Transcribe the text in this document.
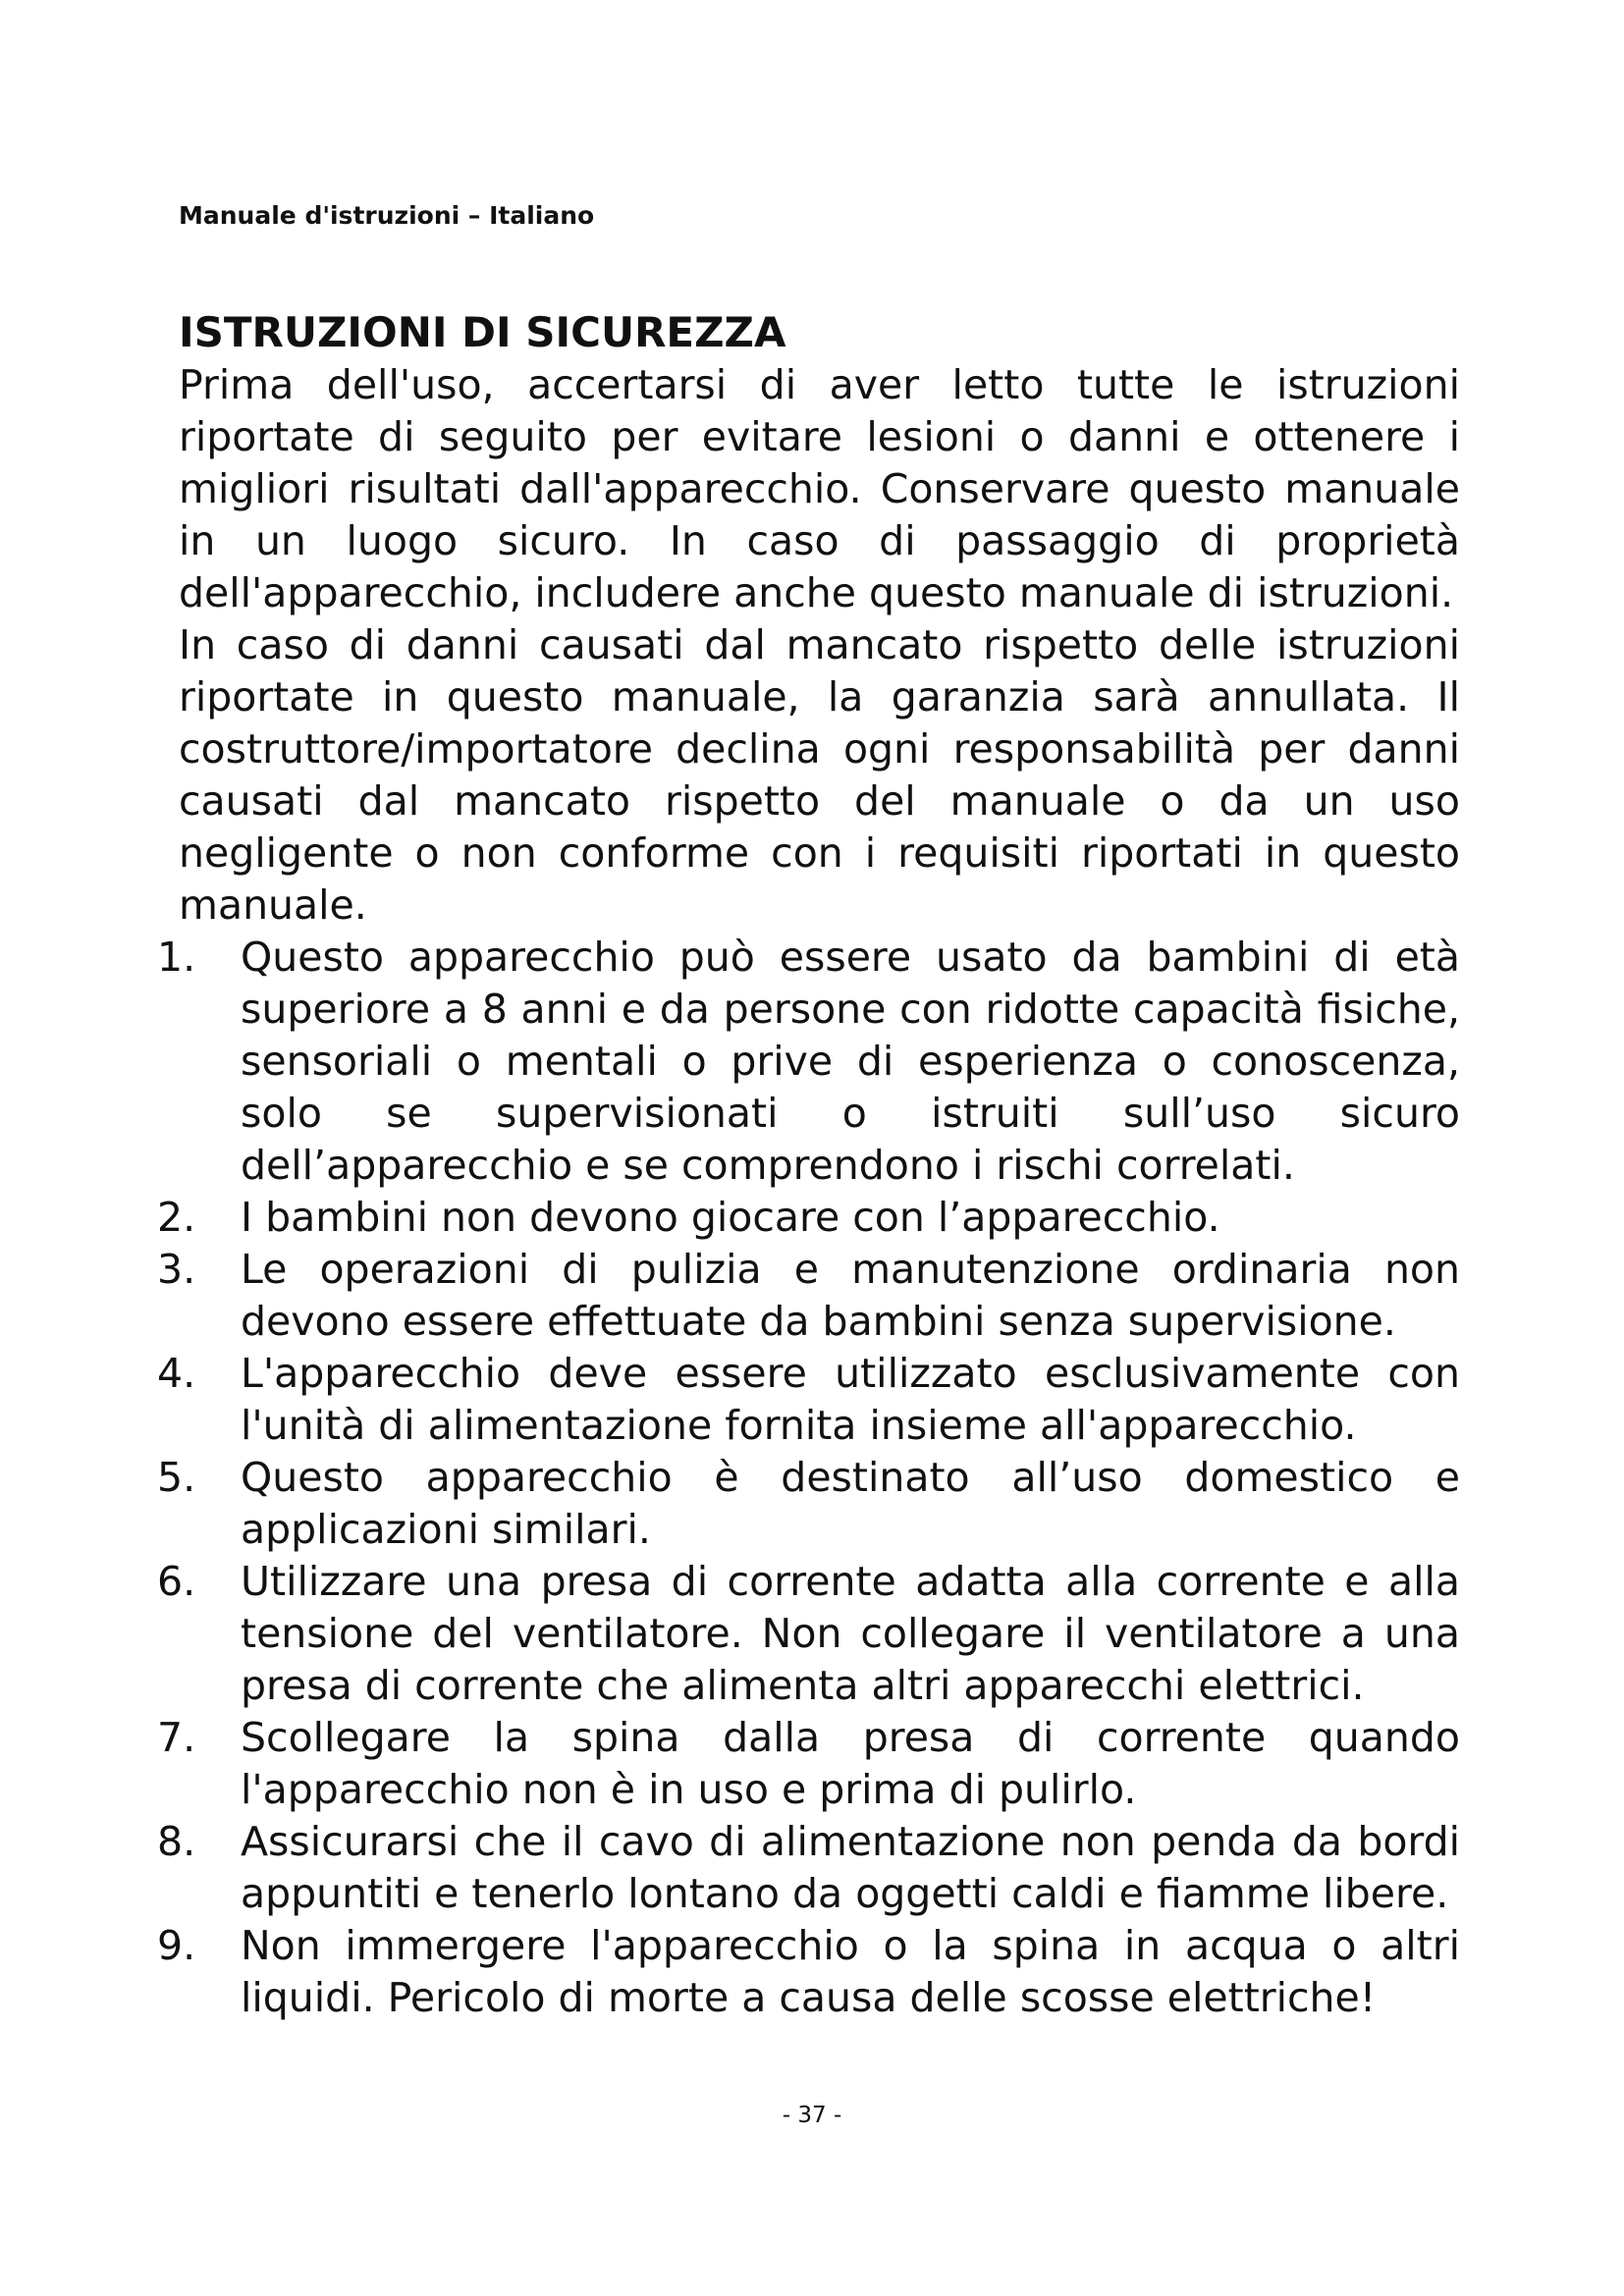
Manuale d'istruzioni – Italiano
ISTRUZIONI DI SICUREZZA

Prima dell'uso, accertarsi di aver letto tutte le istruzioni riportate di seguito per evitare lesioni o danni e ottenere i migliori risultati dall'apparecchio. Conservare questo manuale in un luogo sicuro. In caso di passaggio di proprietà dell'apparecchio, includere anche questo manuale di istruzioni.

In caso di danni causati dal mancato rispetto delle istruzioni riportate in questo manuale, la garanzia sarà annullata. Il costruttore/importatore declina ogni responsabilità per danni causati dal mancato rispetto del manuale o da un uso negligente o non conforme con i requisiti riportati in questo manuale.

1.	Questo apparecchio può essere usato da bambini di età superiore a 8 anni e da persone con ridotte capacità fisiche, sensoriali o mentali o prive di esperienza o conoscenza, solo se supervisionati o istruiti sull’uso sicuro dell’apparecchio e se comprendono i rischi correlati.
2.	I bambini non devono giocare con l’apparecchio.
3.	Le operazioni di pulizia e manutenzione ordinaria non devono essere effettuate da bambini senza supervisione.
4.	L'apparecchio deve essere utilizzato esclusivamente con l'unità di alimentazione fornita insieme all'apparecchio.
5.	Questo apparecchio è destinato all’uso domestico e applicazioni similari.
6.	Utilizzare una presa di corrente adatta alla corrente e alla tensione del ventilatore. Non collegare il ventilatore a una presa di corrente che alimenta altri apparecchi elettrici.
7.	Scollegare la spina dalla presa di corrente quando l'apparecchio non è in uso e prima di pulirlo.
8.	Assicurarsi che il cavo di alimentazione non penda da bordi appuntiti e tenerlo lontano da oggetti caldi e fiamme libere.
9.	Non immergere l'apparecchio o la spina in acqua o altri liquidi. Pericolo di morte a causa delle scosse elettriche!
- 37 -
